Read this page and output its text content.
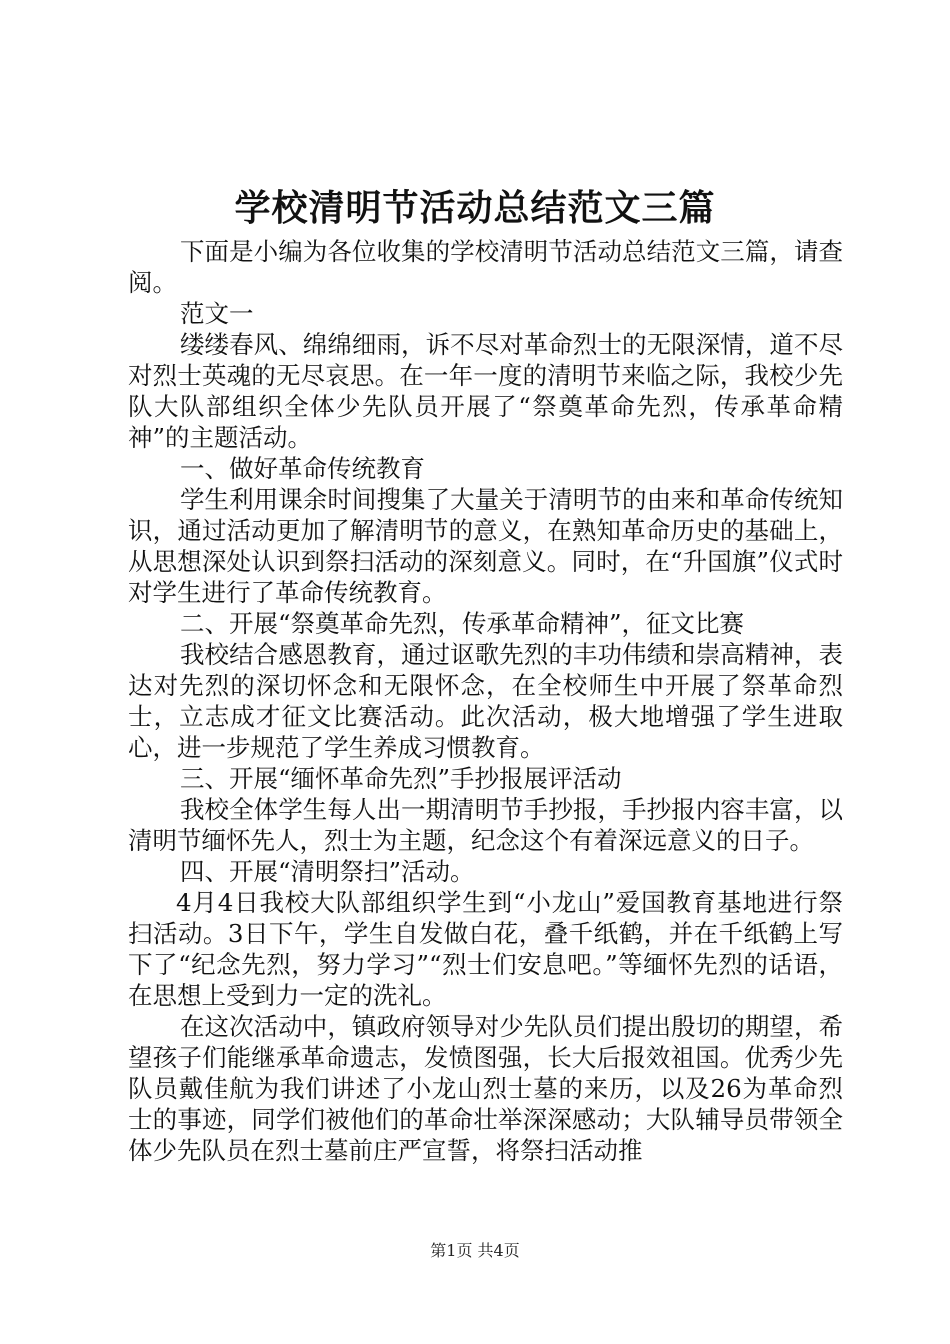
学校清明节活动总结范文三篇

下面是小编为各位收集的学校清明节活动总结范文三篇，请查阅。

范文一

缕缕春风、绵绵细雨，诉不尽对革命烈士的无限深情，道不尽对烈士英魂的无尽哀思。在一年一度的清明节来临之际，我校少先队大队部组织全体少先队员开展了“祭奠革命先烈，传承革命精神”的主题活动。

一、做好革命传统教育

学生利用课余时间搜集了大量关于清明节的由来和革命传统知识，通过活动更加了解清明节的意义，在熟知革命历史的基础上，从思想深处认识到祭扫活动的深刻意义。同时，在“升国旗”仪式时对学生进行了革命传统教育。

二、开展“祭奠革命先烈，传承革命精神”，征文比赛

我校结合感恩教育，通过讴歌先烈的丰功伟绩和崇高精神，表达对先烈的深切怀念和无限怀念，在全校师生中开展了祭革命烈士，立志成才征文比赛活动。此次活动，极大地增强了学生进取心，进一步规范了学生养成习惯教育。

三、开展“缅怀革命先烈”手抄报展评活动

我校全体学生每人出一期清明节手抄报，手抄报内容丰富，以清明节缅怀先人，烈士为主题，纪念这个有着深远意义的日子。

四、开展“清明祭扫”活动。

4月4日我校大队部组织学生到“小龙山”爱国教育基地进行祭扫活动。3日下午，学生自发做白花，叠千纸鹤，并在千纸鹤上写下了“纪念先烈，努力学习”“烈士们安息吧。”等缅怀先烈的话语，在思想上受到力一定的洗礼。

在这次活动中，镇政府领导对少先队员们提出殷切的期望，希望孩子们能继承革命遗志，发愤图强，长大后报效祖国。优秀少先队员戴佳航为我们讲述了小龙山烈士墓的来历，以及26为革命烈士的事迹，同学们被他们的革命壮举深深感动；大队辅导员带领全体少先队员在烈士墓前庄严宣誓，将祭扫活动推

第1页 共4页
